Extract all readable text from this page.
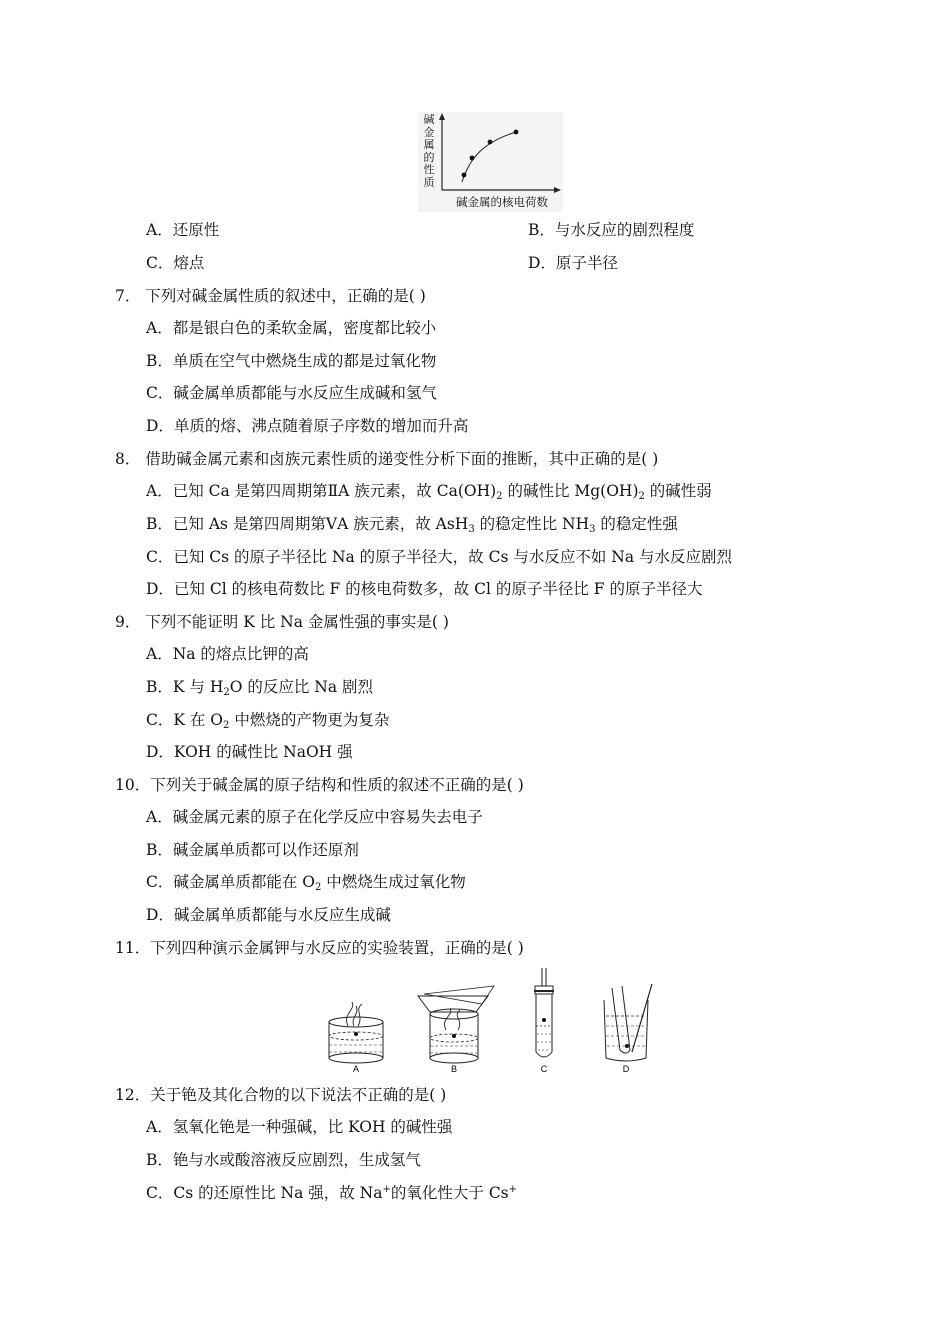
碱
金
属
的
性
质
碱金属的核电荷数
A．还原性	B．与水反应的剧烈程度
C．熔点	D．原子半径
7． 下列对碱金属性质的叙述中，正确的是( )
A．都是银白色的柔软金属，密度都比较小
B．单质在空气中燃烧生成的都是过氧化物
C．碱金属单质都能与水反应生成碱和氢气
D．单质的熔、沸点随着原子序数的增加而升高
8． 借助碱金属元素和卤族元素性质的递变性分析下面的推断，其中正确的是( )
A．已知 Ca 是第四周期第ⅡA 族元素，故 $Ca(OH)_2$ 的碱性比 $Mg(OH)_2$ 的碱性弱
B．已知 As 是第四周期第ⅤA 族元素，故 AsH$_3$ 的稳定性比 $NH_3$ 的稳定性强
C．已知 Cs 的原子半径比 Na 的原子半径大，故 Cs 与水反应不如 Na 与水反应剧烈
D．已知 Cl 的核电荷数比 F 的核电荷数多，故 Cl 的原子半径比 F 的原子半径大
9． 下列不能证明 K 比 Na 金属性强的事实是( )
A．Na 的熔点比钾的高
B．K 与 $H_2O$ 的反应比 Na 剧烈
C．K 在 $O_2$ 中燃烧的产物更为复杂
D．KOH 的碱性比 NaOH 强
10．下列关于碱金属的原子结构和性质的叙述不正确的是( )
A．碱金属元素的原子在化学反应中容易失去电子
B．碱金属单质都可以作还原剂
C．碱金属单质都能在 $O_2$ 中燃烧生成过氧化物
D．碱金属单质都能与水反应生成碱
11．下列四种演示金属钾与水反应的实验装置，正确的是( )
A	B	C	D
12．关于铯及其化合物的以下说法不正确的是( )
A．氢氧化铯是一种强碱，比 KOH 的碱性强
B．铯与水或酸溶液反应剧烈，生成氢气
C．Cs 的还原性比 Na 强，故 Na+的氧化性大于 Cs+
